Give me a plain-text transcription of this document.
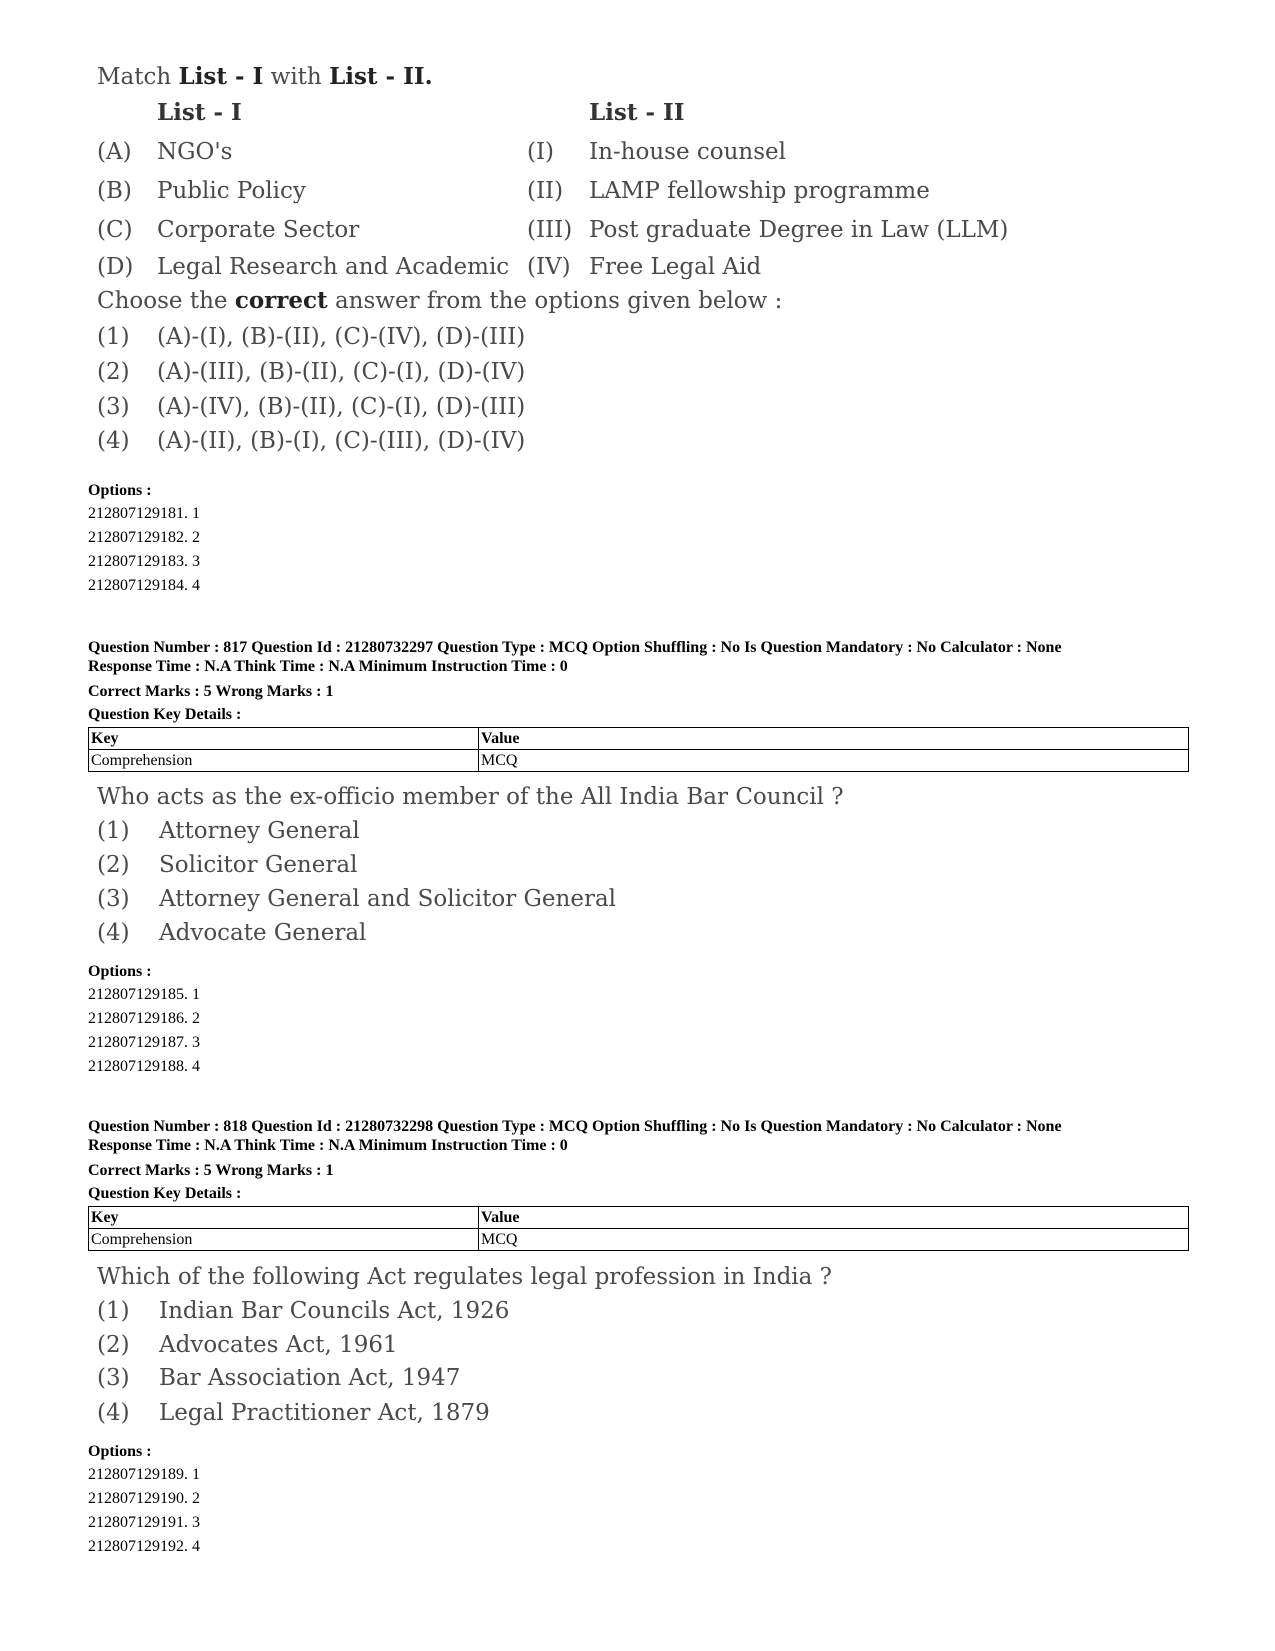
Match List - I with List - II.
List - I	List - II
(A) NGO's	(I) In-house counsel
(B) Public Policy	(II) LAMP fellowship programme
(C) Corporate Sector	(III) Post graduate Degree in Law (LLM)
(D) Legal Research and Academic (IV) Free Legal Aid
Choose the correct answer from the options given below :
(1) (A)-(I), (B)-(II), (C)-(IV), (D)-(III)
(2) (A)-(III), (B)-(II), (C)-(I), (D)-(IV)
(3) (A)-(IV), (B)-(II), (C)-(I), (D)-(III)
(4) (A)-(II), (B)-(I), (C)-(III), (D)-(IV)
Options :
212807129181. 1
212807129182. 2
212807129183. 3
212807129184. 4
Question Number : 817 Question Id : 21280732297 Question Type : MCQ Option Shuffling : No Is Question Mandatory : No Calculator : None
Response Time : N.A Think Time : N.A Minimum Instruction Time : 0
Correct Marks : 5 Wrong Marks : 1
Question Key Details :
Key	Value
Comprehension	MCQ
Who acts as the ex-officio member of the All India Bar Council ?
(1) Attorney General
(2) Solicitor General
(3) Attorney General and Solicitor General
(4) Advocate General
Options :
212807129185. 1
212807129186. 2
212807129187. 3
212807129188. 4
Question Number : 818 Question Id : 21280732298 Question Type : MCQ Option Shuffling : No Is Question Mandatory : No Calculator : None
Response Time : N.A Think Time : N.A Minimum Instruction Time : 0
Correct Marks : 5 Wrong Marks : 1
Question Key Details :
Key	Value
Comprehension	MCQ
Which of the following Act regulates legal profession in India ?
(1) Indian Bar Councils Act, 1926
(2) Advocates Act, 1961
(3) Bar Association Act, 1947
(4) Legal Practitioner Act, 1879
Options :
212807129189. 1
212807129190. 2
212807129191. 3
212807129192. 4
